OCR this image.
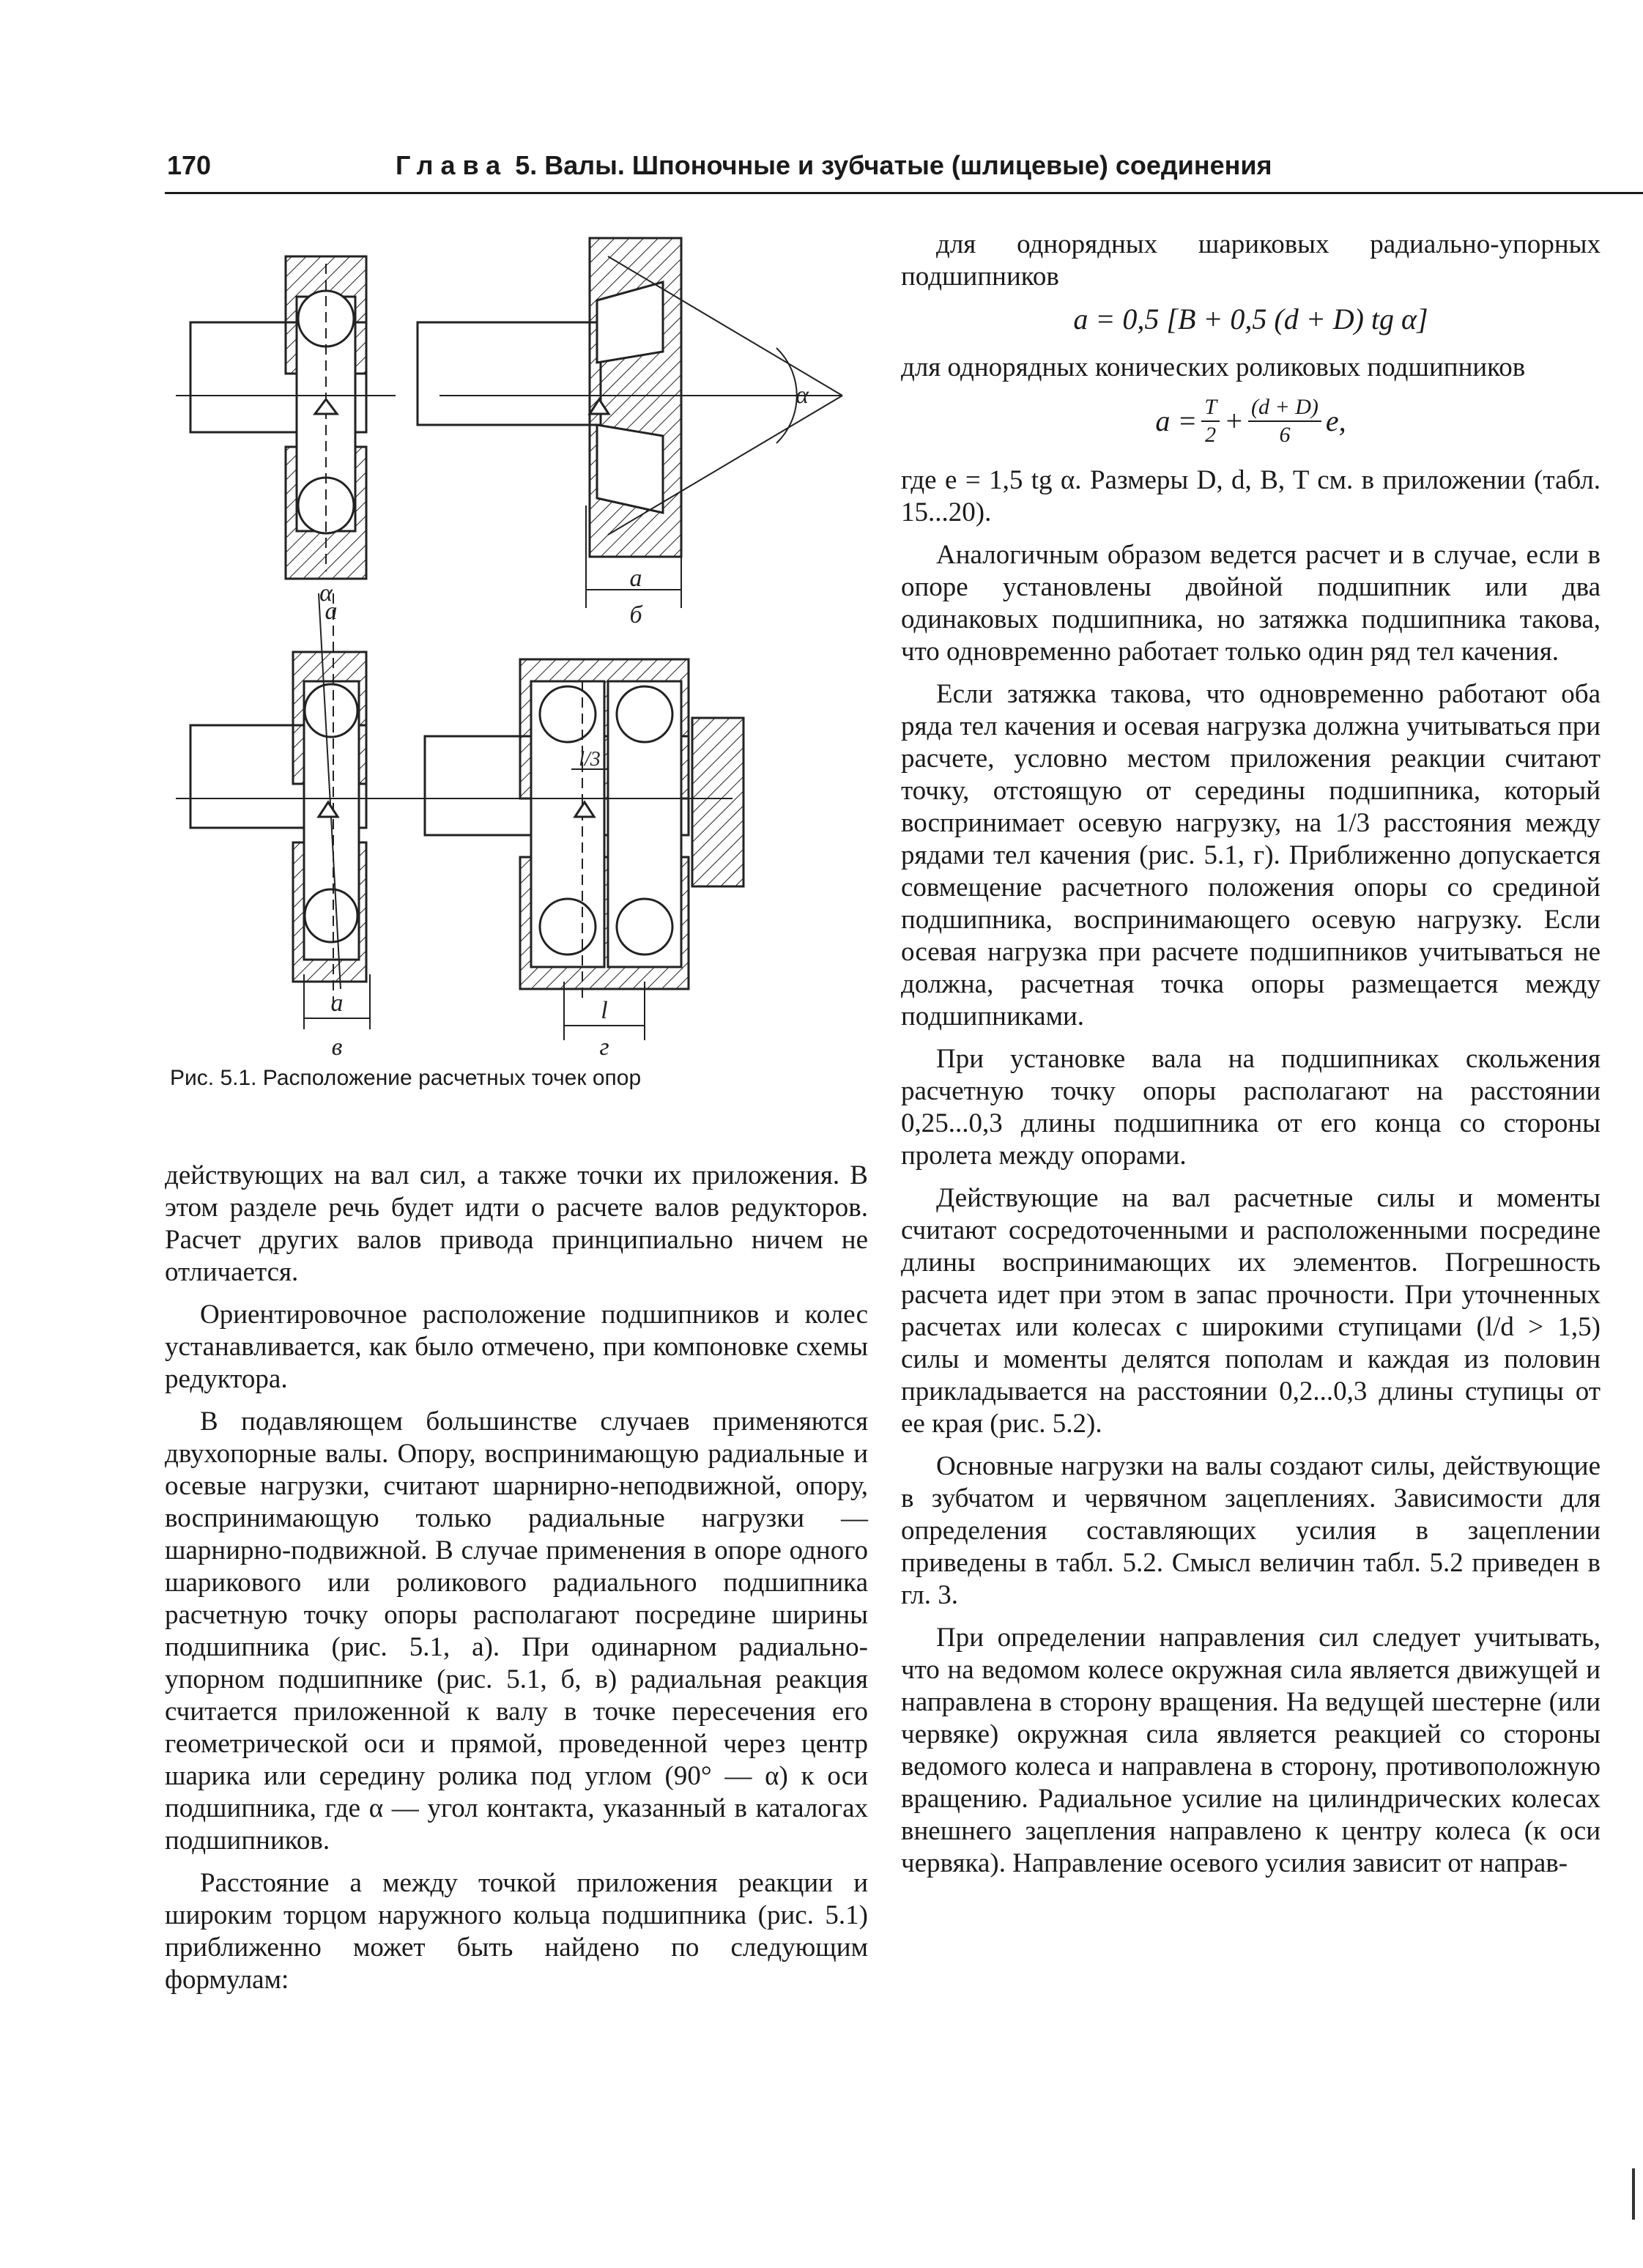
170	Глава 5. Валы. Шпоночные и зубчатые (шлицевые) соединения
а
а
б
α
α
а
в
l
г
l/3
Рис. 5.1. Расположение расчетных точек опор

для однорядных шариковых радиально-упорных подшипников

a = 0,5 [B + 0,5 (d + D) tg α]

для однорядных конических роликовых подшипников

$a = \frac{T}{2} + \frac{(d + D)}{6} e$,

где e = 1,5 tg α. Размеры D, d, B, T см. в приложении (табл. 15...20).

Аналогичным образом ведется расчет и в случае, если в опоре установлены двойной подшипник или два одинаковых подшипника, но затяжка подшипника такова, что одновременно работает только один ряд тел качения.

Если затяжка такова, что одновременно работают оба ряда тел качения и осевая нагрузка должна учитываться при расчете, условно местом приложения реакции считают точку, отстоящую от середины подшипника, который воспринимает осевую нагрузку, на 1/3 расстояния между рядами тел качения (рис. 5.1, г). Приближенно допускается совмещение расчетного положения опоры со срединой подшипника, воспринимающего осевую нагрузку. Если осевая нагрузка при расчете подшипников учитываться не должна, расчетная точка опоры размещается между подшипниками.

При установке вала на подшипниках скольжения расчетную точку опоры располагают на расстоянии 0,25...0,3 длины подшипника от его конца со стороны пролета между опорами.

Действующие на вал расчетные силы и моменты считают сосредоточенными и расположенными посредине длины воспринимающих их элементов. Погрешность расчета идет при этом в запас прочности. При уточненных расчетах или колесах с широкими ступицами (l/d > 1,5) силы и моменты делятся пополам и каждая из половин прикладывается на расстоянии 0,2...0,3 длины ступицы от ее края (рис. 5.2).

Основные нагрузки на валы создают силы, действующие в зубчатом и червячном зацеплениях. Зависимости для определения составляющих усилия в зацеплении приведены в табл. 5.2. Смысл величин табл. 5.2 приведен в гл. 3.

При определении направления сил следует учитывать, что на ведомом колесе окружная сила является движущей и направлена в сторону вращения. На ведущей шестерне (или червяке) окружная сила является реакцией со стороны ведомого колеса и направлена в сторону, противоположную вращению. Радиальное усилие на цилиндрических колесах внешнего зацепления направлено к центру колеса (к оси червяка). Направление осевого усилия зависит от направ-

действующих на вал сил, а также точки их приложения. В этом разделе речь будет идти о расчете валов редукторов. Расчет других валов привода принципиально ничем не отличается.

Ориентировочное расположение подшипников и колес устанавливается, как было отмечено, при компоновке схемы редуктора.

В подавляющем большинстве случаев применяются двухопорные валы. Опору, воспринимающую радиальные и осевые нагрузки, считают шарнирно-неподвижной, опору, воспринимающую только радиальные нагрузки — шарнирно-подвижной. В случае применения в опоре одного шарикового или роликового радиального подшипника расчетную точку опоры располагают посредине ширины подшипника (рис. 5.1, а). При одинарном радиально-упорном подшипнике (рис. 5.1, б, в) радиальная реакция считается приложенной к валу в точке пересечения его геометрической оси и прямой, проведенной через центр шарика или середину ролика под углом (90° — α) к оси подшипника, где α — угол контакта, указанный в каталогах подшипников.

Расстояние a между точкой приложения реакции и широким торцом наружного кольца подшипника (рис. 5.1) приближенно может быть найдено по следующим формулам:
